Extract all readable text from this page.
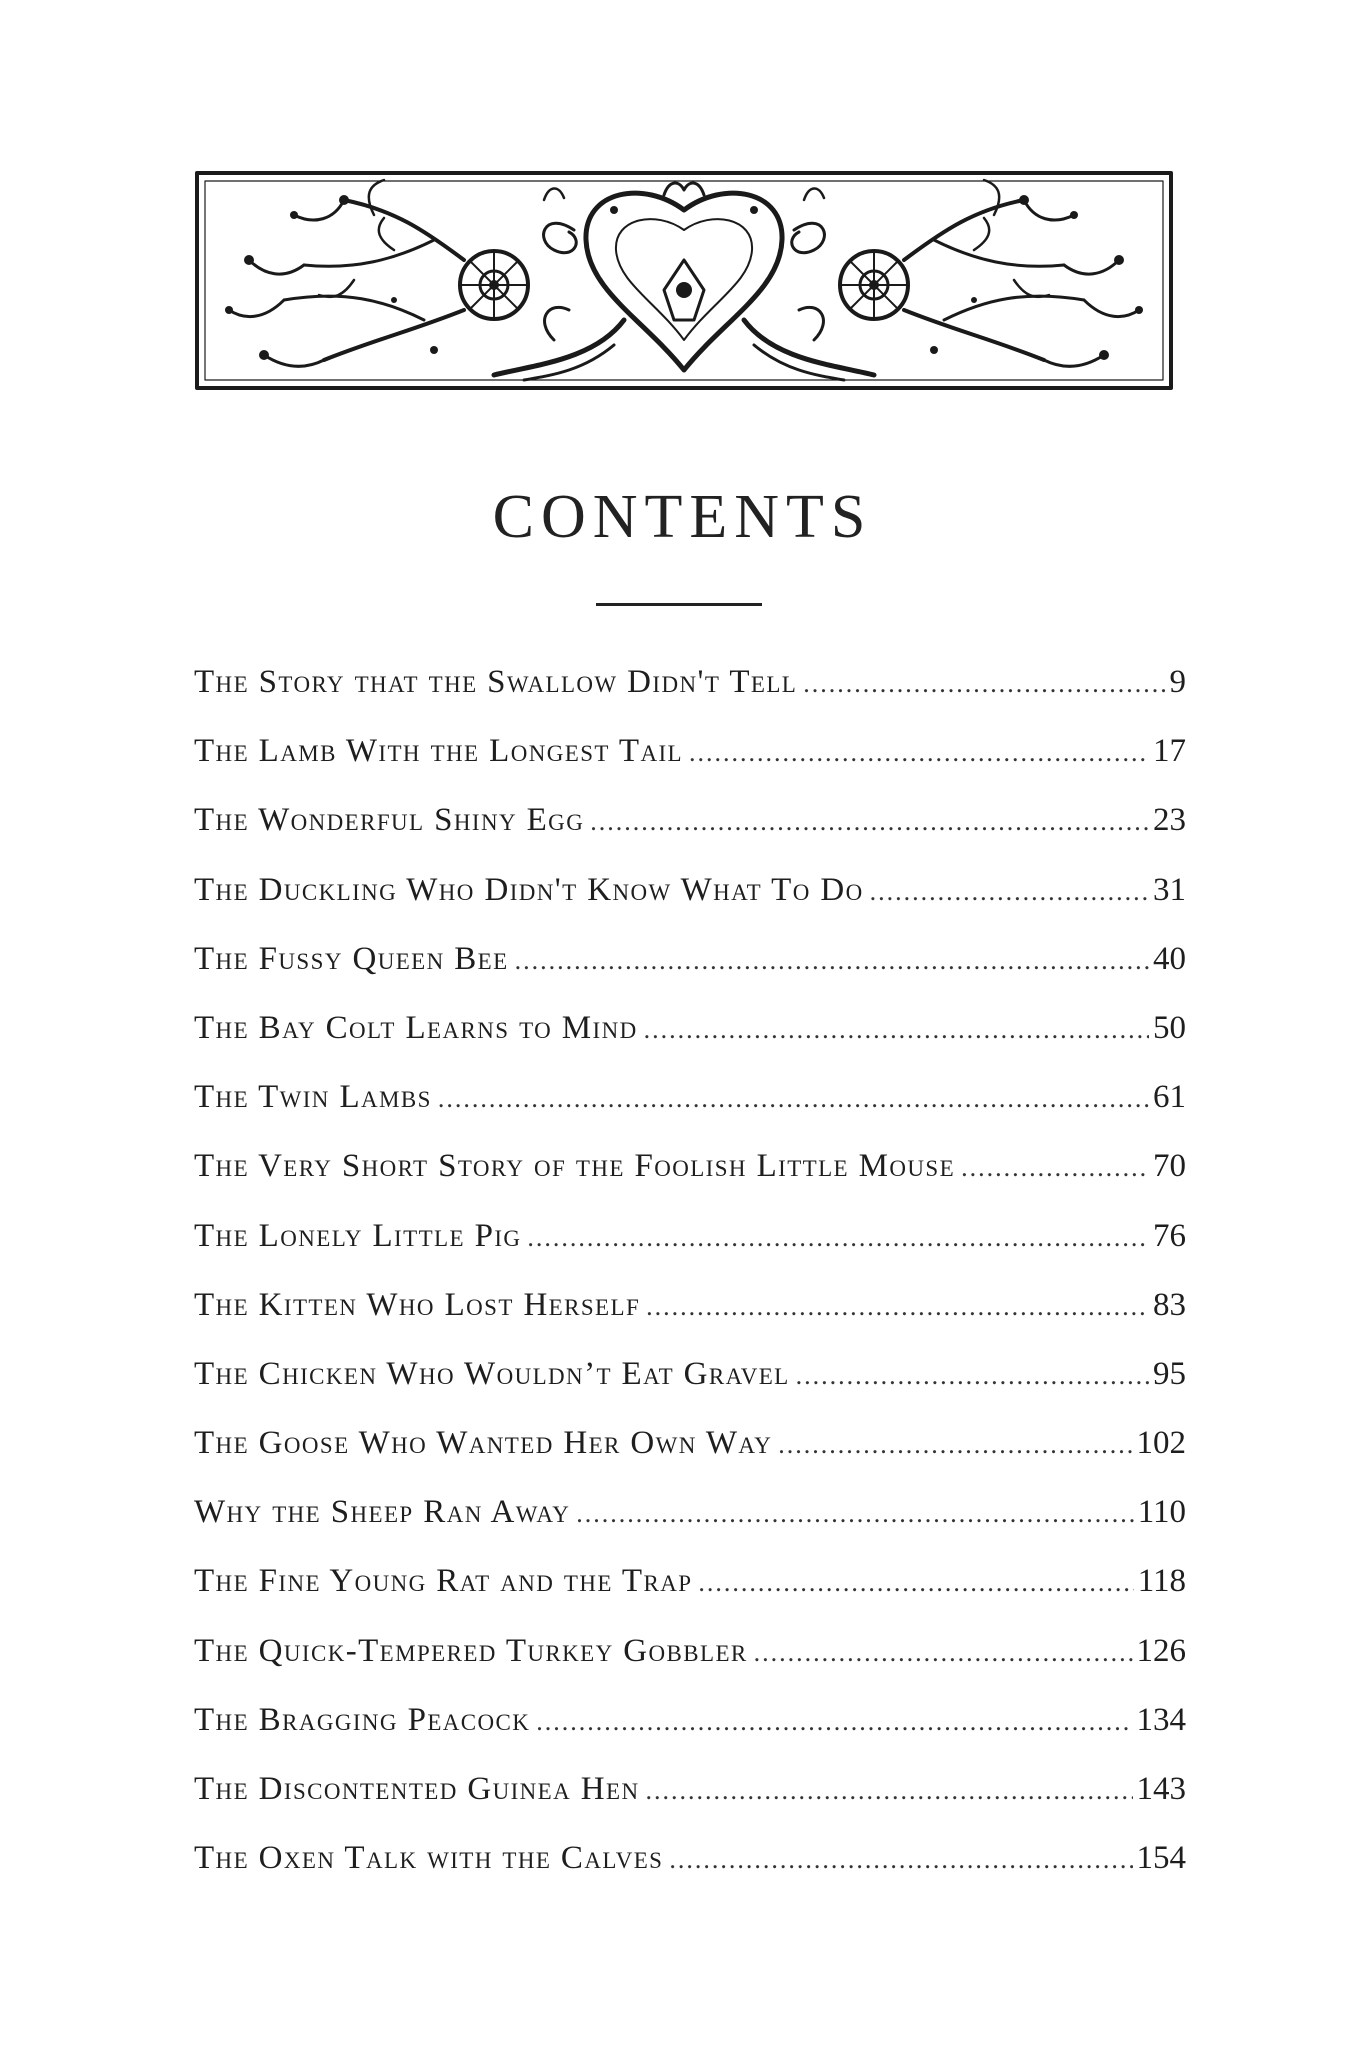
CONTENTS
The Story that the Swallow Didn't Tell .....	9
The Lamb With the Longest Tail .....	17
The Wonderful Shiny Egg .....	23
The Duckling Who Didn't Know What To Do .....	31
The Fussy Queen Bee .....	40
The Bay Colt Learns to Mind .....	50
The Twin Lambs .....	61
The Very Short Story of the Foolish Little Mouse .....	70
The Lonely Little Pig .....	76
The Kitten Who Lost Herself .....	83
The Chicken Who Wouldn’t Eat Gravel .....	95
The Goose Who Wanted Her Own Way .....	102
Why the Sheep Ran Away .....	110
The Fine Young Rat and the Trap .....	118
The Quick-Tempered Turkey Gobbler .....	126
The Bragging Peacock .....	134
The Discontented Guinea Hen .....	143
The Oxen Talk with the Calves .....	154
